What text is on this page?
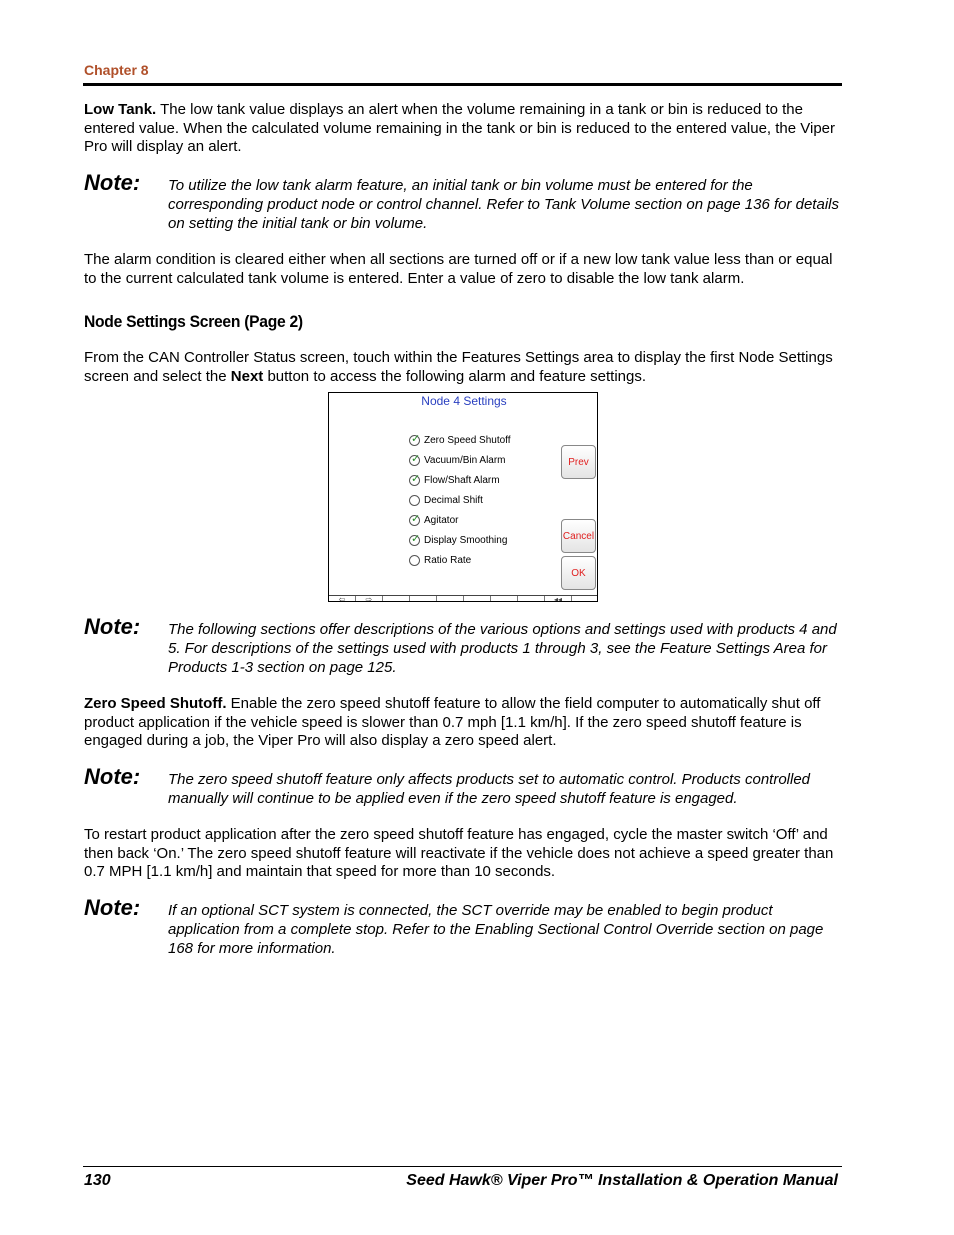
Chapter 8

Low Tank. The low tank value displays an alert when the volume remaining in a tank or bin is reduced to the entered value. When the calculated volume remaining in the tank or bin is reduced to the entered value, the Viper Pro will display an alert.

Note: To utilize the low tank alarm feature, an initial tank or bin volume must be entered for the corresponding product node or control channel. Refer to Tank Volume section on page 136 for details on setting the initial tank or bin volume.

The alarm condition is cleared either when all sections are turned off or if a new low tank value less than or equal to the current calculated tank volume is entered. Enter a value of zero to disable the low tank alarm.

Node Settings Screen (Page 2)

From the CAN Controller Status screen, touch within the Features Settings area to display the first Node Settings screen and select the Next button to access the following alarm and feature settings.

Node 4 Settings
✓ Zero Speed Shutoff
✓ Vacuum/Bin Alarm
✓ Flow/Shaft Alarm
Decimal Shift
✓ Agitator
✓ Display Smoothing
Ratio Rate
Prev
Cancel
OK
⇦	⇨	◂◂
Note: The following sections offer descriptions of the various options and settings used with products 4 and 5. For descriptions of the settings used with products 1 through 3, see the Feature Settings Area for Products 1-3 section on page 125.

Zero Speed Shutoff. Enable the zero speed shutoff feature to allow the field computer to automatically shut off product application if the vehicle speed is slower than 0.7 mph [1.1 km/h]. If the zero speed shutoff feature is engaged during a job, the Viper Pro will also display a zero speed alert.

Note: The zero speed shutoff feature only affects products set to automatic control. Products controlled manually will continue to be applied even if the zero speed shutoff feature is engaged.

To restart product application after the zero speed shutoff feature has engaged, cycle the master switch ‘Off’ and then back ‘On.’ The zero speed shutoff feature will reactivate if the vehicle does not achieve a speed greater than 0.7 MPH [1.1 km/h] and maintain that speed for more than 10 seconds.

Note: If an optional SCT system is connected, the SCT override may be enabled to begin product application from a complete stop. Refer to the Enabling Sectional Control Override section on page 168 for more information.

130	Seed Hawk® Viper Pro™ Installation & Operation Manual
